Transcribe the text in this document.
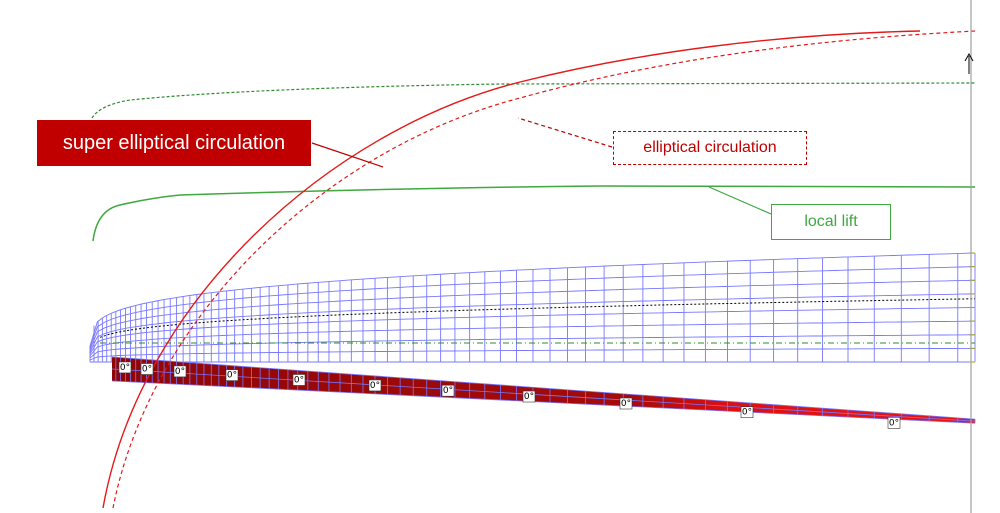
0° 0°	0°	0°	0°
0°
0°
0°
0°
0°
0°
super elliptical circulation	elliptical circulation
local lift
